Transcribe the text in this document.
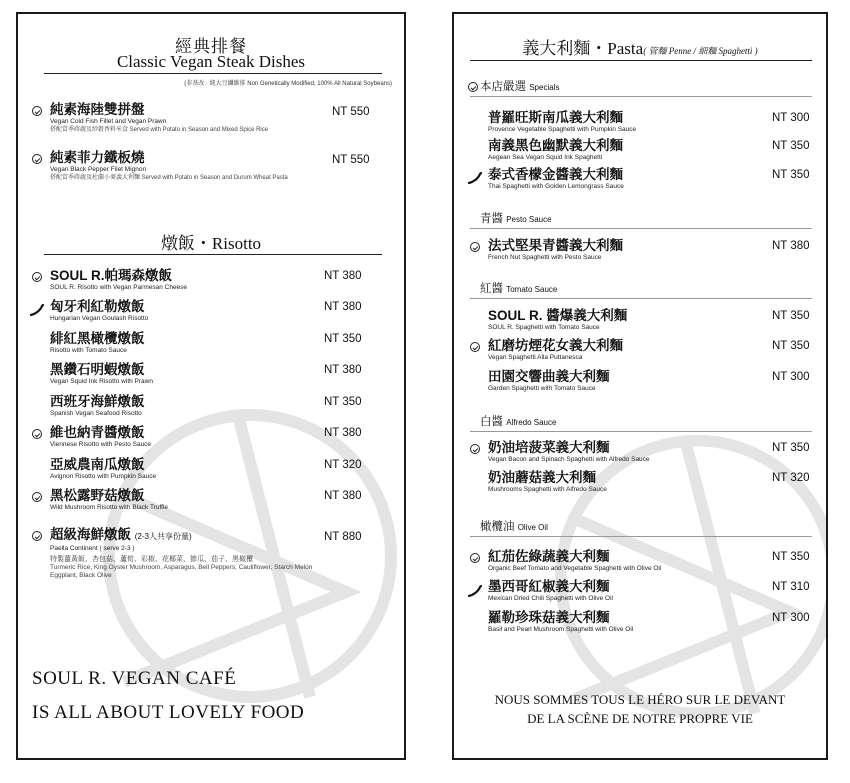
經典排餐
Classic Vegan Steak Dishes
(非基改 · 純大豆纖維排 Non Genetically Modified, 100% All Natural Soybeans)
純素海陸雙拼盤
Vegan Cold Fish Fillet and Vegan Prawn
搭配當季蒔蔬及紗穀香料米食 Served with Potato in Season and Mixed Spice Rice
NT 550
純素菲力鐵板燒
Vegan Black Pepper Filet Mignon
搭配當季蒔蔬及杜蘭小麥義大利麵 Served with Potato in Season and Durum Wheat Pasta
NT 550
燉飯・Risotto
SOUL R.帕瑪森燉飯
SOUL R. Risotto with Vegan Parmesan Cheese
NT 380
匈牙利紅勒燉飯
Hungarian Vegan Goulash Risotto
NT 380
緋紅黑橄欖燉飯
Risotto with Tomato Sauce
NT 350
黑鑽石明蝦燉飯
Vegan Squid Ink Risotto with Prawn
NT 380
西班牙海鮮燉飯
Spanish Vegan Seafood Risotto
NT 350
維也納青醬燉飯
Viennese Risotto with Pesto Sauce
NT 380
亞威農南瓜燉飯
Avignon Risotto with Pumpkin Sauce
NT 320
黑松露野菇燉飯
Wild Mushroom Risotto with Black Truffle
NT 380
超級海鮮燉飯 (2-3人共享份量)
Paella Continent ( serve 2-3 )
特製薑黃飯、杏包菇、蘆筍、彩椒、花椰菜、節瓜、茄子、黑橄欖
Turmeric Rice, King Oyster Mushroom, Asparagus, Bell Peppers, Cauliflower, Starch Melon
Eggplant, Black Olive
NT 880
SOUL R. VEGAN CAFÉ
IS ALL ABOUT LOVELY FOOD
義大利麵・Pasta( 管麵 Penne / 細麵 Spaghetti )
本店嚴選 Specials
普羅旺斯南瓜義大利麵
Provence Vegetable Spaghetti with Pumpkin Sauce
NT 300
南義黑色幽默義大利麵
Aegean Sea Vegan Squid Ink Spaghetti
NT 350
泰式香檬金醬義大利麵
Thai Spaghetti with Golden Lemongrass Sauce
NT 350
青醬 Pesto Sauce
法式堅果青醬義大利麵
French Nut Spaghetti with Pesto Sauce
NT 380
紅醬 Tomato Sauce
SOUL R. 醬爆義大利麵
SOUL R. Spaghetti with Tomato Sauce
NT 350
紅磨坊煙花女義大利麵
Vegan Spaghetti Alla Puttanesca
NT 350
田園交響曲義大利麵
Garden Spaghetti with Tomato Sauce
NT 300
白醬 Alfredo Sauce
奶油培菠菜義大利麵
Vegan Bacon and Spinach Spaghetti with Alfredo Sauce
NT 350
奶油蘑菇義大利麵
Mushrooms Spaghetti with Alfredo Sauce
NT 320
橄欖油 Olive Oil
紅茄佐綠蔬義大利麵
Organic Beef Tomato and Vegetable Spaghetti with Olive Oil
NT 350
墨西哥紅椒義大利麵
Mexican Dried Chili Spaghetti with Olive Oil
NT 310
羅勒珍珠菇義大利麵
Basil and Pearl Mushroom Spaghetti with Olive Oil
NT 300
NOUS SOMMES TOUS LE HÉRO SUR LE DEVANT
DE LA SCÈNE DE NOTRE PROPRE VIE
